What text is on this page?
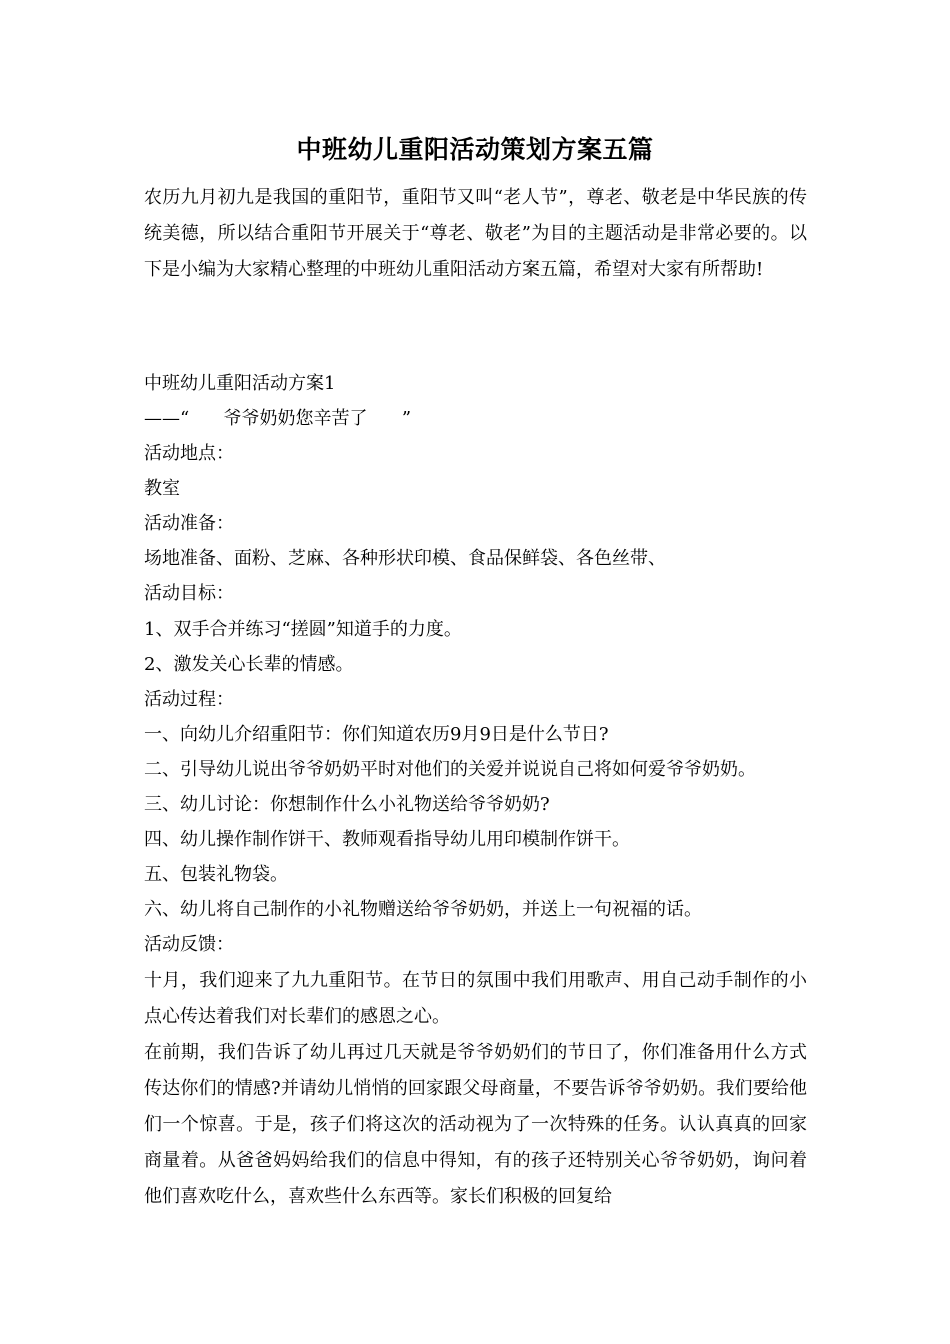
中班幼儿重阳活动策划方案五篇

农历九月初九是我国的重阳节，重阳节又叫“老人节”，尊老、敬老是中华民族的传统美德，所以结合重阳节开展关于“尊老、敬老”为目的主题活动是非常必要的。以下是小编为大家精心整理的中班幼儿重阳活动方案五篇，希望对大家有所帮助!

中班幼儿重阳活动方案1
——“      爷爷奶奶您辛苦了      ”
活动地点：
教室
活动准备：
场地准备、面粉、芝麻、各种形状印模、食品保鲜袋、各色丝带、
活动目标：
1、双手合并练习“搓圆”知道手的力度。
2、激发关心长辈的情感。
活动过程：
一、向幼儿介绍重阳节：你们知道农历9月9日是什么节日?
二、引导幼儿说出爷爷奶奶平时对他们的关爱并说说自己将如何爱爷爷奶奶。
三、幼儿讨论：你想制作什么小礼物送给爷爷奶奶?
四、幼儿操作制作饼干、教师观看指导幼儿用印模制作饼干。
五、包装礼物袋。
六、幼儿将自己制作的小礼物赠送给爷爷奶奶，并送上一句祝福的话。
活动反馈：
十月，我们迎来了九九重阳节。在节日的氛围中我们用歌声、用自己动手制作的小点心传达着我们对长辈们的感恩之心。
在前期，我们告诉了幼儿再过几天就是爷爷奶奶们的节日了，你们准备用什么方式传达你们的情感?并请幼儿悄悄的回家跟父母商量，不要告诉爷爷奶奶。我们要给他们一个惊喜。于是，孩子们将这次的活动视为了一次特殊的任务。认认真真的回家商量着。从爸爸妈妈给我们的信息中得知，有的孩子还特别关心爷爷奶奶，询问着他们喜欢吃什么，喜欢些什么东西等。家长们积极的回复给
